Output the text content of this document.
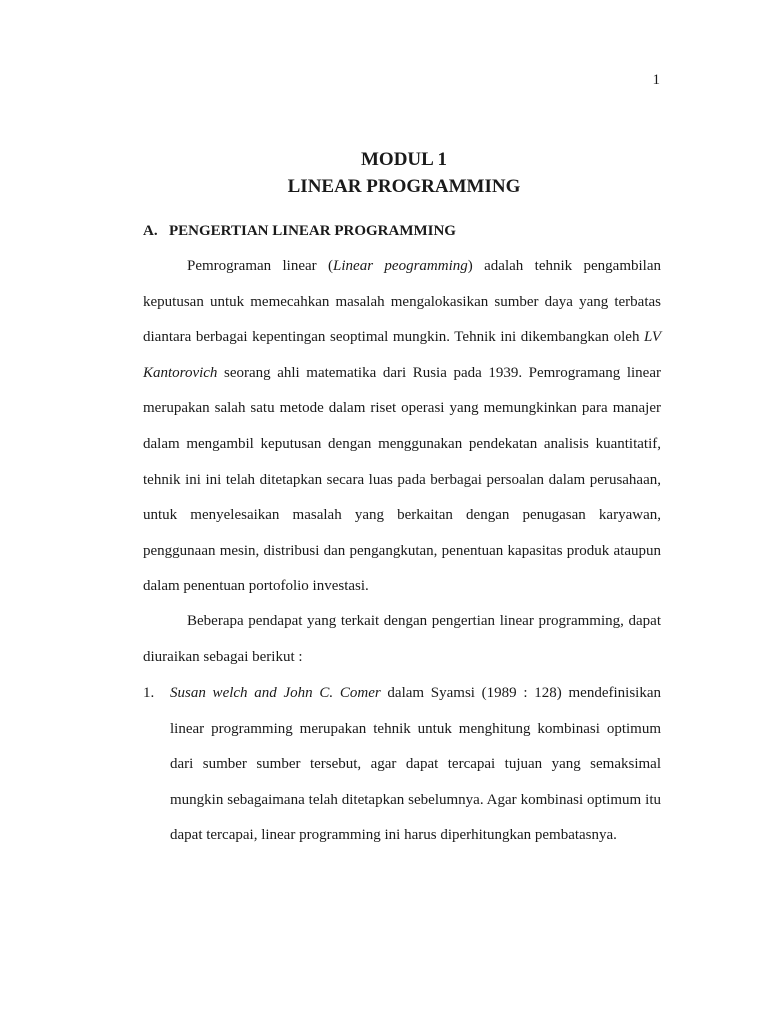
1
MODUL 1
LINEAR PROGRAMMING
A. PENGERTIAN LINEAR PROGRAMMING

Pemrograman linear (Linear peogramming) adalah tehnik pengambilan keputusan untuk memecahkan masalah mengalokasikan sumber daya yang terbatas diantara berbagai kepentingan seoptimal mungkin. Tehnik ini dikembangkan oleh LV Kantorovich seorang ahli matematika dari Rusia pada 1939. Pemrogramang linear merupakan salah satu metode dalam riset operasi yang memungkinkan para manajer dalam mengambil keputusan dengan menggunakan pendekatan analisis kuantitatif, tehnik ini ini telah ditetapkan secara luas pada berbagai persoalan dalam perusahaan, untuk menyelesaikan masalah yang berkaitan dengan penugasan karyawan, penggunaan mesin, distribusi dan pengangkutan, penentuan kapasitas produk ataupun dalam penentuan portofolio investasi.

Beberapa pendapat yang terkait dengan pengertian linear programming, dapat diuraikan sebagai berikut :

1. Susan welch and John C. Comer dalam Syamsi (1989 : 128) mendefinisikan linear programming merupakan tehnik untuk menghitung kombinasi optimum dari sumber sumber tersebut, agar dapat tercapai tujuan yang semaksimal mungkin sebagaimana telah ditetapkan sebelumnya. Agar kombinasi optimum itu dapat tercapai, linear programming ini harus diperhitungkan pembatasnya.
